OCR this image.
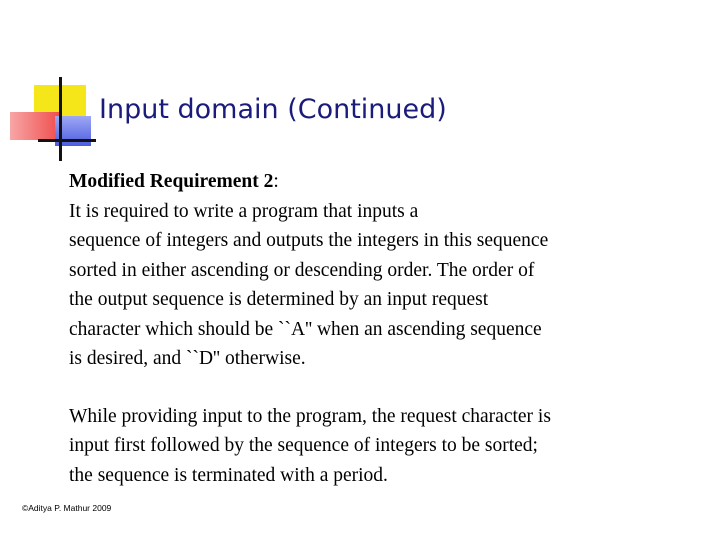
Input domain (Continued)
Modified Requirement 2:
It is required to write a program that inputs a
sequence of integers and outputs the integers in this sequence
sorted in either ascending or descending order. The order of
the output sequence is determined by an input request
character which should be ``A'' when an ascending sequence
is desired, and ``D'' otherwise.
While providing input to the program, the request character is
input first followed by the sequence of integers to be sorted;
the sequence is terminated with a period.
©Aditya P. Mathur 2009
